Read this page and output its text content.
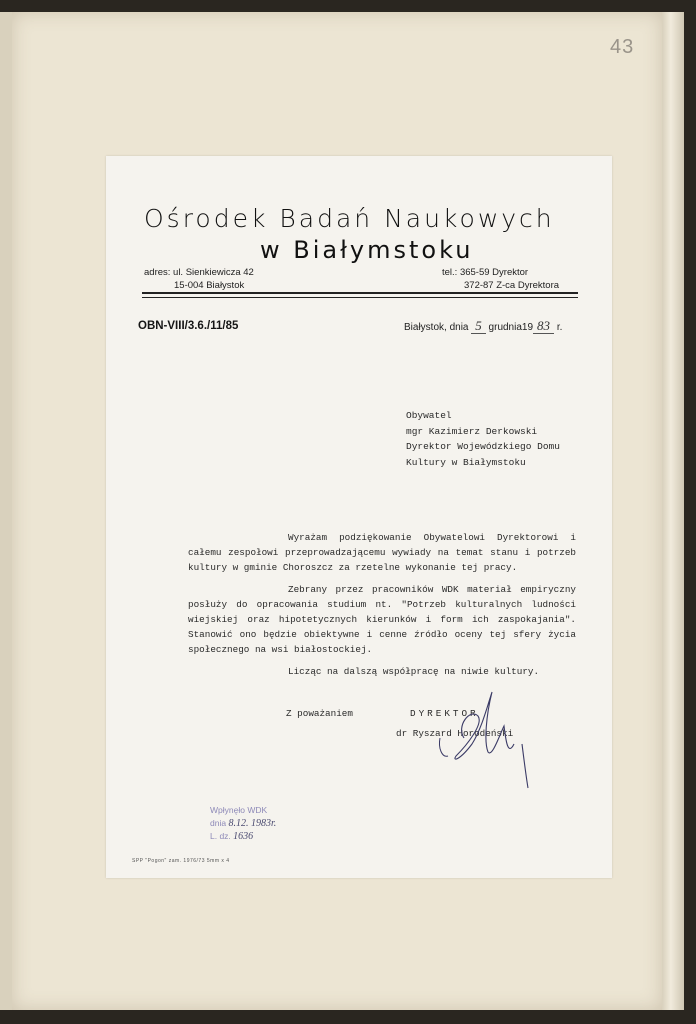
43
Ośrodek Badań Naukowych
w Białymstoku
adres: ul. Sienkiewicza 42
15-004 Białystok
tel.: 365-59 Dyrektor
372-87 Z-ca Dyrektora
OBN-VIII/3.6./11/85	Białystok, dnia 5 grudnia19 83 r.
Obywatel
mgr Kazimierz Derkowski
Dyrektor Wojewódzkiego Domu
Kultury w Białymstoku

Wyrażam podziękowanie Obywatelowi Dyrektorowi i całemu zespołowi przeprowadzającemu wywiady na temat stanu i potrzeb kultury w gminie Choroszcz za rzetelne wykonanie tej pracy.

Zebrany przez pracowników WDK materiał empiryczny posłuży do opracowania studium nt. "Potrzeb kulturalnych ludności wiejskiej oraz hipotetycznych kierunków i form ich zaspokajania". Stanowić ono będzie obiektywne i cenne źródło oceny tej sfery życia społecznego na wsi białostockiej.

Licząc na dalszą współpracę na niwie kultury.
Z poważaniem	DYREKTOR
dr Ryszard Horodeński
Wpłynęło WDK
dnia 8.12. 1983r.
L. dz. 1636
SPP "Pogon" zam. 1976/73 5mm x 4
